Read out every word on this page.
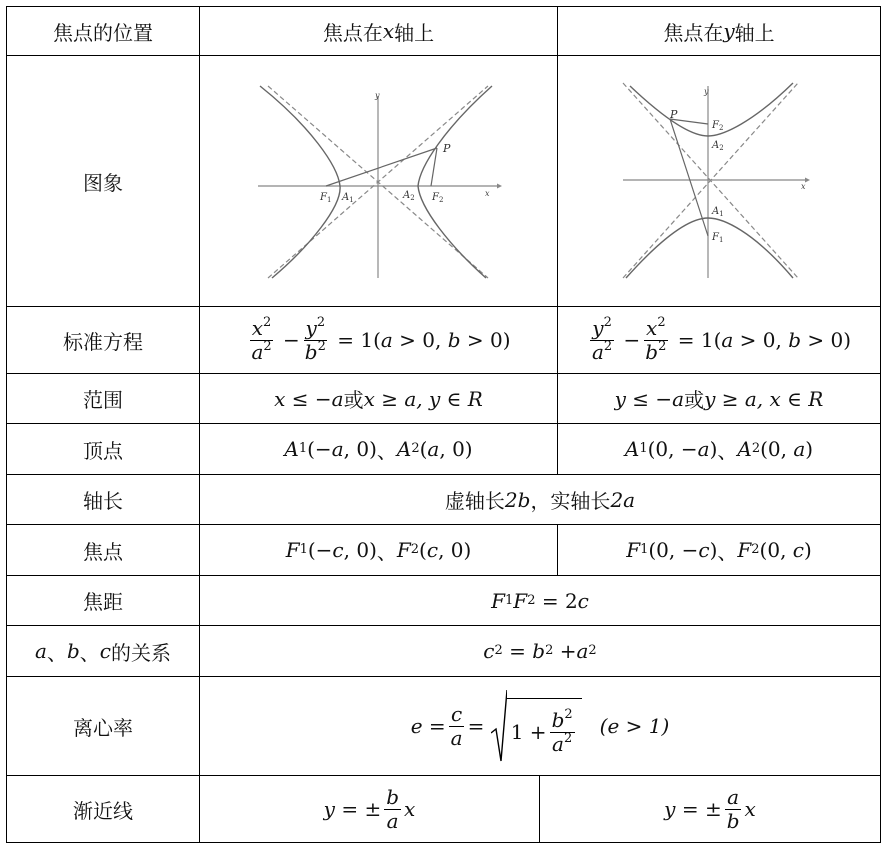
焦点的位置	焦点在 x 轴上	焦点在 y 轴上
图象
y
x
P
$F_1$ $A_1$	$A_2$ $F_2$
y
x
P
$F_2$
$A_2$
$A_1$
$F_1$
标准方程	$\frac{x^2}{a^2} - \frac{y^2}{b^2} = 1(a > 0$, b > 0)	$\frac{y^2}{a^2} - \frac{x^2}{b^2} = 1(a > 0$, b > 0)
范围	x ≤ −a 或 x ≥ a, y ∈ R	y ≤ −a 或 y ≥ a, x ∈ R
顶点	A 1 (−a, 0) 、 A 2 (a, 0)	A 1 (0, −a) 、 A 2 (0, a)
轴长	虚轴长 2b ，实轴长 2a
焦点	F 1 (−c, 0) 、 F 2 (c, 0)	F 1 (0, −c) 、 F 2 (0, c)
焦距	F 1 F 2 = 2c
a 、 b 、 c 的关系	c 2 = b 2 + a 2
离心率	$e = \frac{c}{a} = 1 + \frac{b^2}{a^2} (e > 1)$
渐近线	y = ± $\frac{b}{a}$ x	y = ± $\frac{a}{b}$ x
